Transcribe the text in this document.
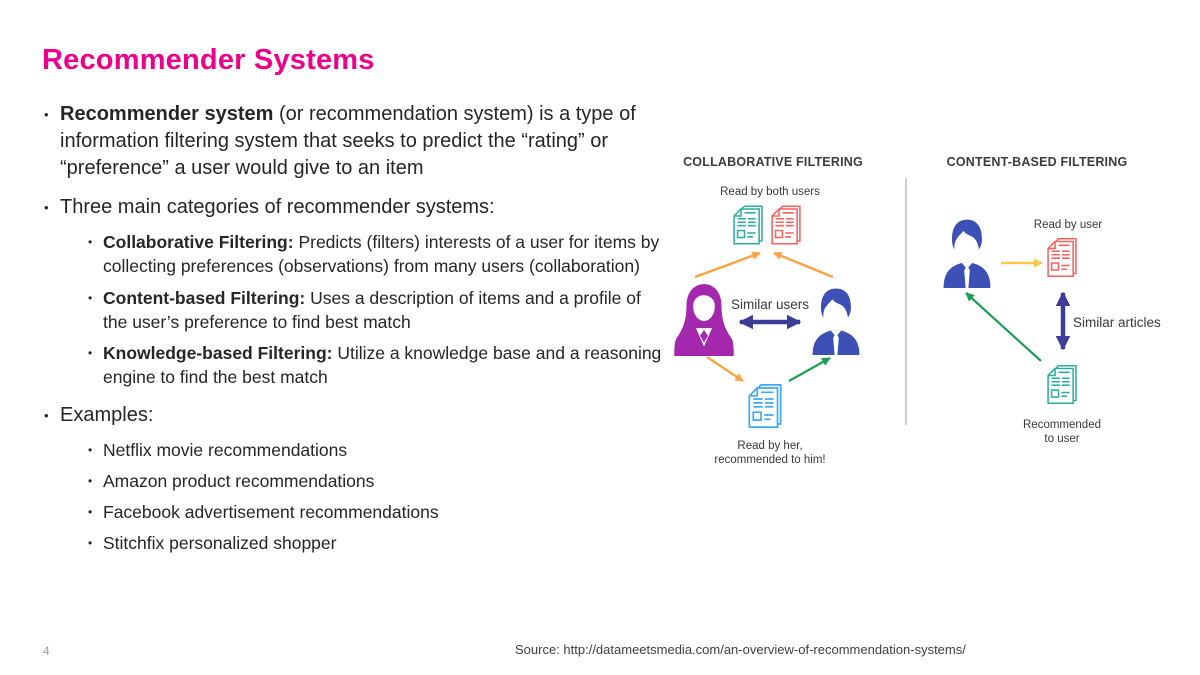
Recommender Systems
• Recommender system (or recommendation system) is a type of information filtering system that seeks to predict the “rating” or “preference” a user would give to an item
• Three main categories of recommender systems:
• Collaborative Filtering: Predicts (filters) interests of a user for items by collecting preferences (observations) from many users (collaboration)
• Content-based Filtering: Uses a description of items and a profile of the user’s preference to find best match
• Knowledge-based Filtering: Utilize a knowledge base and a reasoning engine to find the best match
• Examples:
• Netflix movie recommendations
• Amazon product recommendations
• Facebook advertisement recommendations
• Stitchfix personalized shopper
COLLABORATIVE FILTERING
Read by both users
Similar users
Read by her,
recommended to him!
CONTENT-BASED FILTERING
Read by user
Similar articles
Recommended
to user
4	Source: http://datameetsmedia.com/an-overview-of-recommendation-systems/
